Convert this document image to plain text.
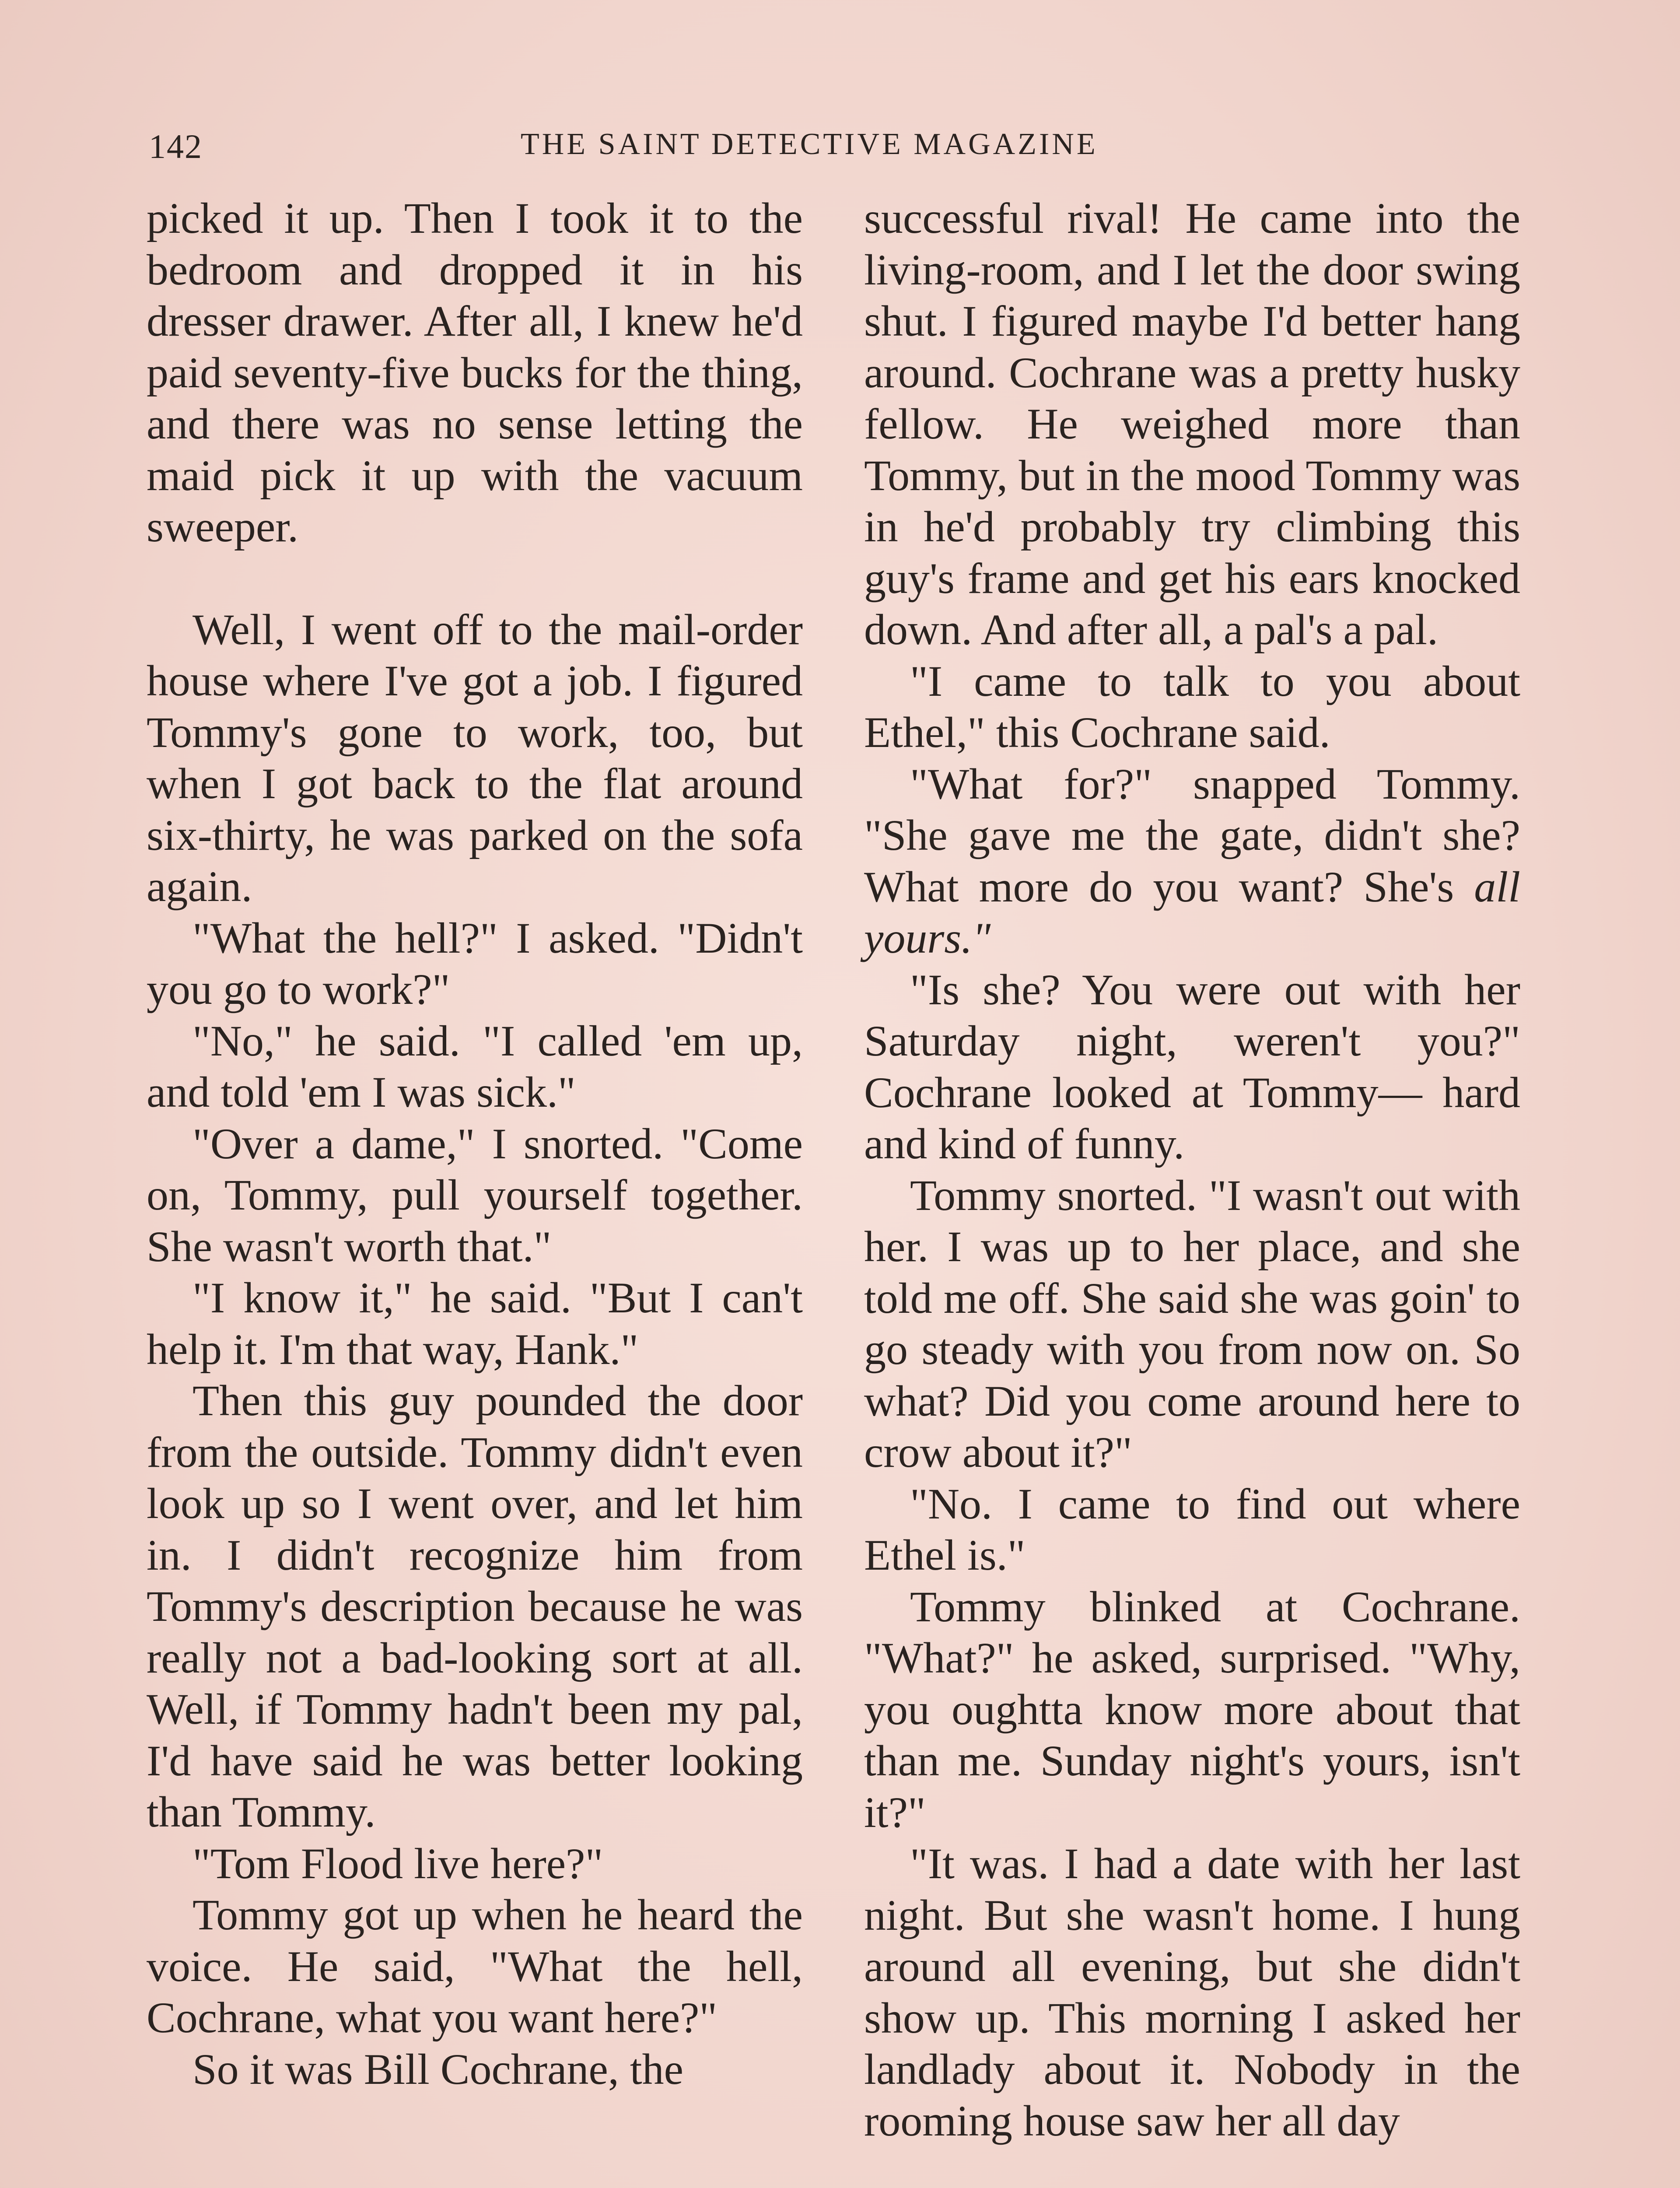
142	THE SAINT DETECTIVE MAGAZINE

picked it up. Then I took it to the bedroom and dropped it in his dresser drawer. After all, I knew he'd paid seventy-five bucks for the thing, and there was no sense letting the maid pick it up with the vacuum sweeper.

Well, I went off to the mail-order house where I've got a job. I figured Tommy's gone to work, too, but when I got back to the flat around six-thirty, he was parked on the sofa again.

"What the hell?" I asked. "Didn't you go to work?"

"No," he said. "I called 'em up, and told 'em I was sick."

"Over a dame," I snorted. "Come on, Tommy, pull yourself together. She wasn't worth that."

"I know it," he said. "But I can't help it. I'm that way, Hank."

Then this guy pounded the door from the outside. Tommy didn't even look up so I went over, and let him in. I didn't recognize him from Tommy's description because he was really not a bad-looking sort at all. Well, if Tommy hadn't been my pal, I'd have said he was better looking than Tommy.

"Tom Flood live here?"

Tommy got up when he heard the voice. He said, "What the hell, Cochrane, what you want here?"

So it was Bill Cochrane, the

successful rival! He came into the living-room, and I let the door swing shut. I figured maybe I'd better hang around. Cochrane was a pretty husky fellow. He weighed more than Tommy, but in the mood Tommy was in he'd probably try climbing this guy's frame and get his ears knocked down. And after all, a pal's a pal.

"I came to talk to you about Ethel," this Cochrane said.

"What for?" snapped Tommy. "She gave me the gate, didn't she? What more do you want? She's all yours."

"Is she? You were out with her Saturday night, weren't you?" Cochrane looked at Tommy— hard and kind of funny.

Tommy snorted. "I wasn't out with her. I was up to her place, and she told me off. She said she was goin' to go steady with you from now on. So what? Did you come around here to crow about it?"

"No. I came to find out where Ethel is."

Tommy blinked at Cochrane. "What?" he asked, surprised. "Why, you oughtta know more about that than me. Sunday night's yours, isn't it?"

"It was. I had a date with her last night. But she wasn't home. I hung around all evening, but she didn't show up. This morning I asked her landlady about it. Nobody in the rooming house saw her all day
